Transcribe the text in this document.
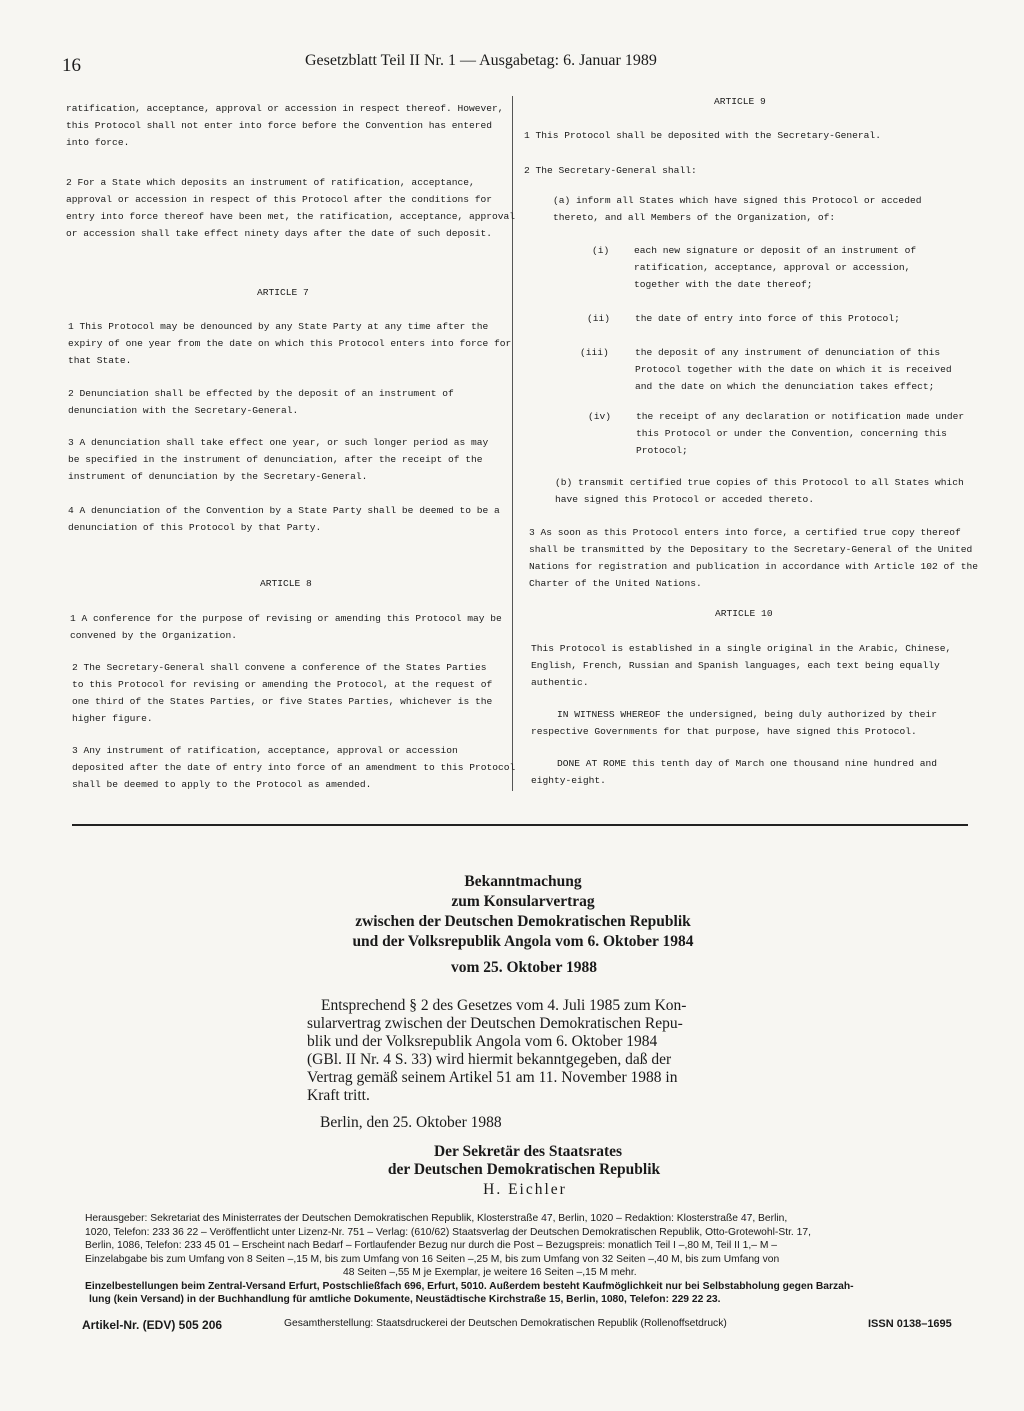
16	Gesetzblatt Teil II Nr. 1 — Ausgabetag: 6. Januar 1989
ratification, acceptance, approval or accession in respect thereof. However,
this Protocol shall not enter into force before the Convention has entered
into force.
2 For a State which deposits an instrument of ratification, acceptance,
approval or accession in respect of this Protocol after the conditions for
entry into force thereof have been met, the ratification, acceptance, approval
or accession shall take effect ninety days after the date of such deposit.
ARTICLE 7
1 This Protocol may be denounced by any State Party at any time after the
expiry of one year from the date on which this Protocol enters into force for
that State.
2 Denunciation shall be effected by the deposit of an instrument of
denunciation with the Secretary-General.
3 A denunciation shall take effect one year, or such longer period as may
be specified in the instrument of denunciation, after the receipt of the
instrument of denunciation by the Secretary-General.
4 A denunciation of the Convention by a State Party shall be deemed to be a
denunciation of this Protocol by that Party.
ARTICLE 8
1 A conference for the purpose of revising or amending this Protocol may be
convened by the Organization.
2 The Secretary-General shall convene a conference of the States Parties
to this Protocol for revising or amending the Protocol, at the request of
one third of the States Parties, or five States Parties, whichever is the
higher figure.
3 Any instrument of ratification, acceptance, approval or accession
deposited after the date of entry into force of an amendment to this Protocol
shall be deemed to apply to the Protocol as amended.
ARTICLE 9
1 This Protocol shall be deposited with the Secretary-General.
2 The Secretary-General shall:
(a) inform all States which have signed this Protocol or acceded
thereto, and all Members of the Organization, of:
(i)	each new signature or deposit of an instrument of
ratification, acceptance, approval or accession,
together with the date thereof;
(ii)	the date of entry into force of this Protocol;
(iii)	the deposit of any instrument of denunciation of this
Protocol together with the date on which it is received
and the date on which the denunciation takes effect;
(iv)	the receipt of any declaration or notification made under
this Protocol or under the Convention, concerning this
Protocol;
(b) transmit certified true copies of this Protocol to all States which
have signed this Protocol or acceded thereto.
3 As soon as this Protocol enters into force, a certified true copy thereof
shall be transmitted by the Depositary to the Secretary-General of the United
Nations for registration and publication in accordance with Article 102 of the
Charter of the United Nations.
ARTICLE 10
This Protocol is established in a single original in the Arabic, Chinese,
English, French, Russian and Spanish languages, each text being equally
authentic.
IN WITNESS WHEREOF the undersigned, being duly authorized by their
respective Governments for that purpose, have signed this Protocol.
DONE AT ROME this tenth day of March one thousand nine hundred and
eighty-eight.
Bekanntmachung
zum Konsularvertrag
zwischen der Deutschen Demokratischen Republik
und der Volksrepublik Angola vom 6. Oktober 1984
vom 25. Oktober 1988
Entsprechend § 2 des Gesetzes vom 4. Juli 1985 zum Kon-
sularvertrag zwischen der Deutschen Demokratischen Repu-
blik und der Volksrepublik Angola vom 6. Oktober 1984
(GBl. II Nr. 4 S. 33) wird hiermit bekanntgegeben, daß der
Vertrag gemäß seinem Artikel 51 am 11. November 1988 in
Kraft tritt.
Berlin, den 25. Oktober 1988
Der Sekretär des Staatsrates
der Deutschen Demokratischen Republik
H. Eichler
Herausgeber: Sekretariat des Ministerrates der Deutschen Demokratischen Republik, Klosterstraße 47, Berlin, 1020 – Redaktion: Klosterstraße 47, Berlin,
1020, Telefon: 233 36 22 – Veröffentlicht unter Lizenz-Nr. 751 – Verlag: (610/62) Staatsverlag der Deutschen Demokratischen Republik, Otto-Grotewohl-Str. 17,
Berlin, 1086, Telefon: 233 45 01 – Erscheint nach Bedarf – Fortlaufender Bezug nur durch die Post – Bezugspreis: monatlich Teil I –,80 M, Teil II 1,– M –
Einzelabgabe bis zum Umfang von 8 Seiten –,15 M, bis zum Umfang von 16 Seiten –,25 M, bis zum Umfang von 32 Seiten –,40 M, bis zum Umfang von
48 Seiten –,55 M je Exemplar, je weitere 16 Seiten –,15 M mehr.
Einzelbestellungen beim Zentral-Versand Erfurt, Postschließfach 696, Erfurt, 5010. Außerdem besteht Kaufmöglichkeit nur bei Selbstabholung gegen Barzah-
lung (kein Versand) in der Buchhandlung für amtliche Dokumente, Neustädtische Kirchstraße 15, Berlin, 1080, Telefon: 229 22 23.
Artikel-Nr. (EDV) 505 206	Gesamtherstellung: Staatsdruckerei der Deutschen Demokratischen Republik (Rollenoffsetdruck)	ISSN 0138–1695
